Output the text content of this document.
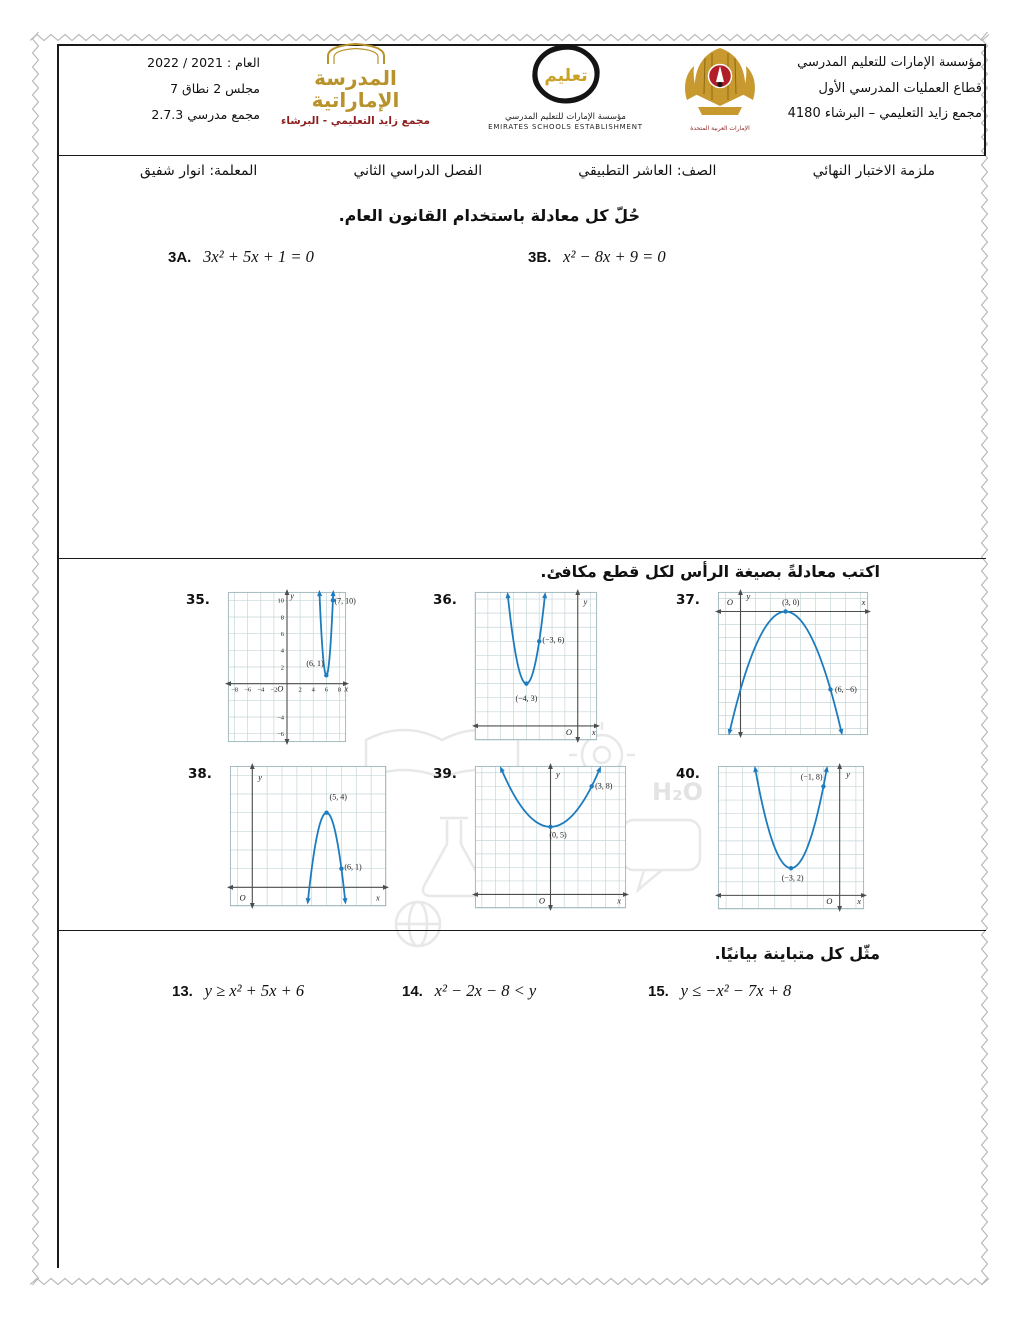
H₂O
العام : 2021 / 2022
مجلس 2 نطاق 7
مجمع مدرسي 2.7.3
المدرسة
الإماراتية
مجمع زايد التعليمي - البرشاء
تعليم
مؤسسة الإمارات للتعليم المدرسي
EMIRATES SCHOOLS ESTABLISHMENT	الإمارات العربية المتحدة
مؤسسة الإمارات للتعليم المدرسي
قطاع العمليات المدرسي الأول
مجمع زايد التعليمي – البرشاء 4180
ملزمة الاختبار النهائي
الصف: العاشر التطبيقي
الفصل الدراسي الثاني
المعلمة: انوار شفيق
حُلّ كل معادلة باستخدام القانون العام.
3A. 3x² + 5x + 1 = 0	3B. x² − 8x + 9 = 0
اكتب معادلةً بصيغة الرأس لكل قطع مكافئ.
35.
−8 −6 −4 −2	2 4 6 8
10
8
6
4
2
−4
−6
(7, 10)
(6, 1)
y
x
O
36.
(−3, 6)
(−4, 3)
y
x
O
37.	(3, 0)
(6, −6)
y
x
O
38.
(5, 4)
(6, 1)
y
x
O
39.
(3, 8)
(0, 5)
y
x
O
40.	(−1, 8)
(−3, 2)
y
x
O
مثّل كل متباينة بيانيًا.
13. y ≥ x² + 5x + 6	14. x² − 2x − 8 < y	15. y ≤ −x² − 7x + 8
